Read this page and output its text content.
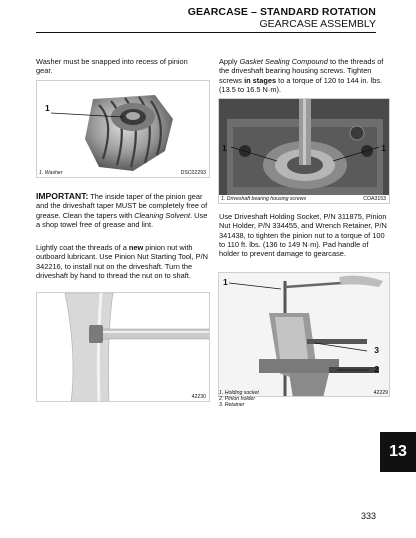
GEARCASE – STANDARD ROTATION
GEARCASE ASSEMBLY
Washer must be snapped into recess of pinion gear.
1
1. Washer	DSC02293
IMPORTANT: The inside taper of the pinion gear and the driveshaft taper MUST be completely free of grease. Clean the tapers with Cleaning Solvent. Use a shop towel free of grease and lint.
Lightly coat the threads of a new pinion nut with outboard lubricant. Use Pinion Nut Starting Tool, P/N 342216, to install nut on the driveshaft. Turn the driveshaft by hand to thread the nut on to shaft.
42230
Apply Gasket Sealing Compound to the threads of the driveshaft bearing housing screws. Tighten screws in stages to a torque of 120 to 144 in. lbs. (13.5 to 16.5 N·m).
1	1
1. Driveshaft bearing housing screws	COA3153
Use Driveshaft Holding Socket, P/N 311875, Pinion Nut Holder, P/N 334455, and Wrench Retainer, P/N 341438, to tighten the pinion nut to a torque of 100 to 110 ft. lbs. (136 to 149 N·m). Pad handle of holder to prevent damage to gearcase.
1
3
2
1. Holding socket
2. Pinion holder
3. Retainer
42229
13
333
